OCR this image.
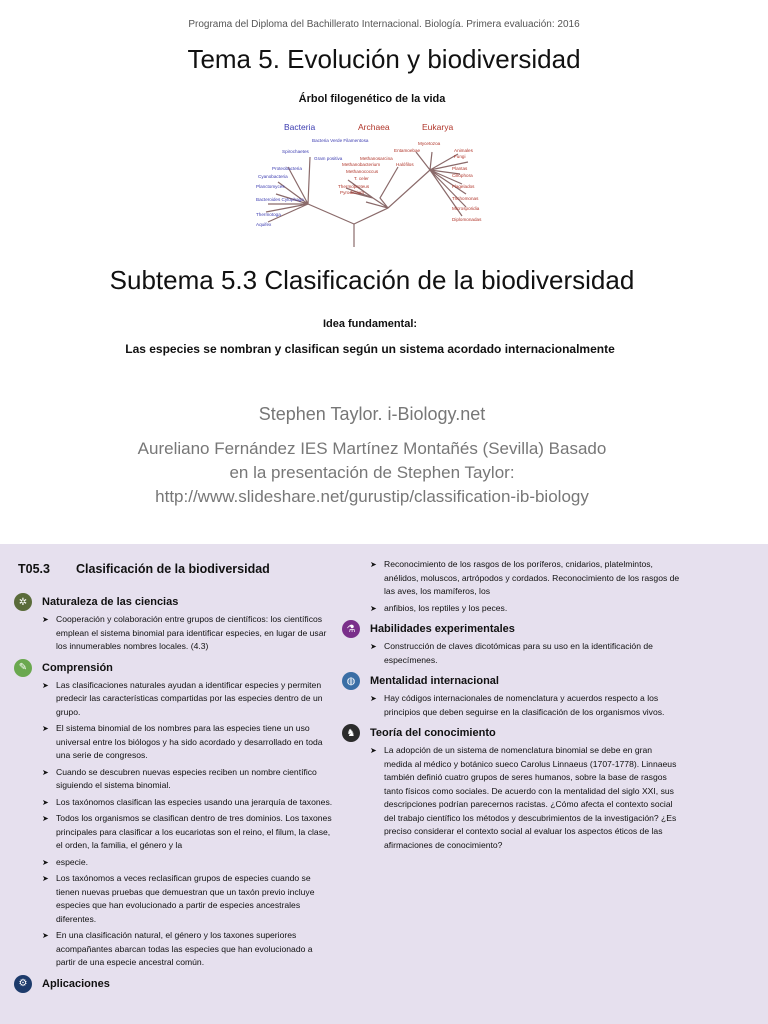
Programa del Diploma del Bachillerato Internacional. Biología. Primera evaluación: 2016
Tema 5. Evolución y biodiversidad
Árbol filogenético de la vida
Bacteria	Archaea	Eukarya
Spirochaetes
Proteobacteria
Cyanobacteria
Planctomyces
Bacteroides Cytophaga
Thermotoga
Aquifex
Bacteria Verde Filamentosa
Gram positiva	Methanosarcina
Methanobacterium
Methanococcus
T. celer
Thermoproteus
Pyrodictium
Halófilos
Entamoebae
Mycetozoa
Animales
Fungi
Plantas
Ciliophora
Flagelados
Trichomonas
Microsporidia
Diplomonadas
Subtema 5.3 Clasificación de la biodiversidad
Idea fundamental:
Las especies se nombran y clasifican según un sistema acordado internacionalmente
Stephen Taylor. i-Biology.net
Aureliano Fernández IES Martínez Montañés (Sevilla) Basado
en la presentación de Stephen Taylor:
http://www.slideshare.net/gurustip/classification-ib-biology
T05.3 Clasificación de la biodiversidad
✲	Naturaleza de las ciencias
➤ Cooperación y colaboración entre grupos de científicos: los científicos emplean el sistema binomial para identificar especies, en lugar de usar los innumerables nombres locales. (4.3)
✎	Comprensión
➤ Las clasificaciones naturales ayudan a identificar especies y permiten predecir las características compartidas por las especies dentro de un grupo.
➤ El sistema binomial de los nombres para las especies tiene un uso universal entre los biólogos y ha sido acordado y desarrollado en toda una serie de congresos.
➤ Cuando se descubren nuevas especies reciben un nombre científico siguiendo el sistema binomial.
➤ Los taxónomos clasifican las especies usando una jerarquía de taxones.
➤ Todos los organismos se clasifican dentro de tres dominios. Los taxones principales para clasificar a los eucariotas son el reino, el filum, la clase, el orden, la familia, el género y la
➤ especie.
➤ Los taxónomos a veces reclasifican grupos de especies cuando se tienen nuevas pruebas que demuestran que un taxón previo incluye especies que han evolucionado a partir de especies ancestrales diferentes.
➤ En una clasificación natural, el género y los taxones superiores acompañantes abarcan todas las especies que han evolucionado a partir de una especie ancestral común.
⚙	Aplicaciones
➤ Reconocimiento de los rasgos de los poríferos, cnidarios, platelmintos, anélidos, moluscos, artrópodos y cordados. Reconocimiento de los rasgos de las aves, los mamíferos, los
➤ anfibios, los reptiles y los peces.
⚗	Habilidades experimentales
➤ Construcción de claves dicotómicas para su uso en la identificación de especímenes.
◍	Mentalidad internacional
➤ Hay códigos internacionales de nomenclatura y acuerdos respecto a los principios que deben seguirse en la clasificación de los organismos vivos.
♞	Teoría del conocimiento
➤ La adopción de un sistema de nomenclatura binomial se debe en gran medida al médico y botánico sueco Carolus Linnaeus (1707-1778). Linnaeus también definió cuatro grupos de seres humanos, sobre la base de rasgos tanto físicos como sociales. De acuerdo con la mentalidad del siglo XXI, sus descripciones podrían parecernos racistas. ¿Cómo afecta el contexto social del trabajo científico los métodos y descubrimientos de la investigación? ¿Es preciso considerar el contexto social al evaluar los aspectos éticos de las afirmaciones de conocimiento?
